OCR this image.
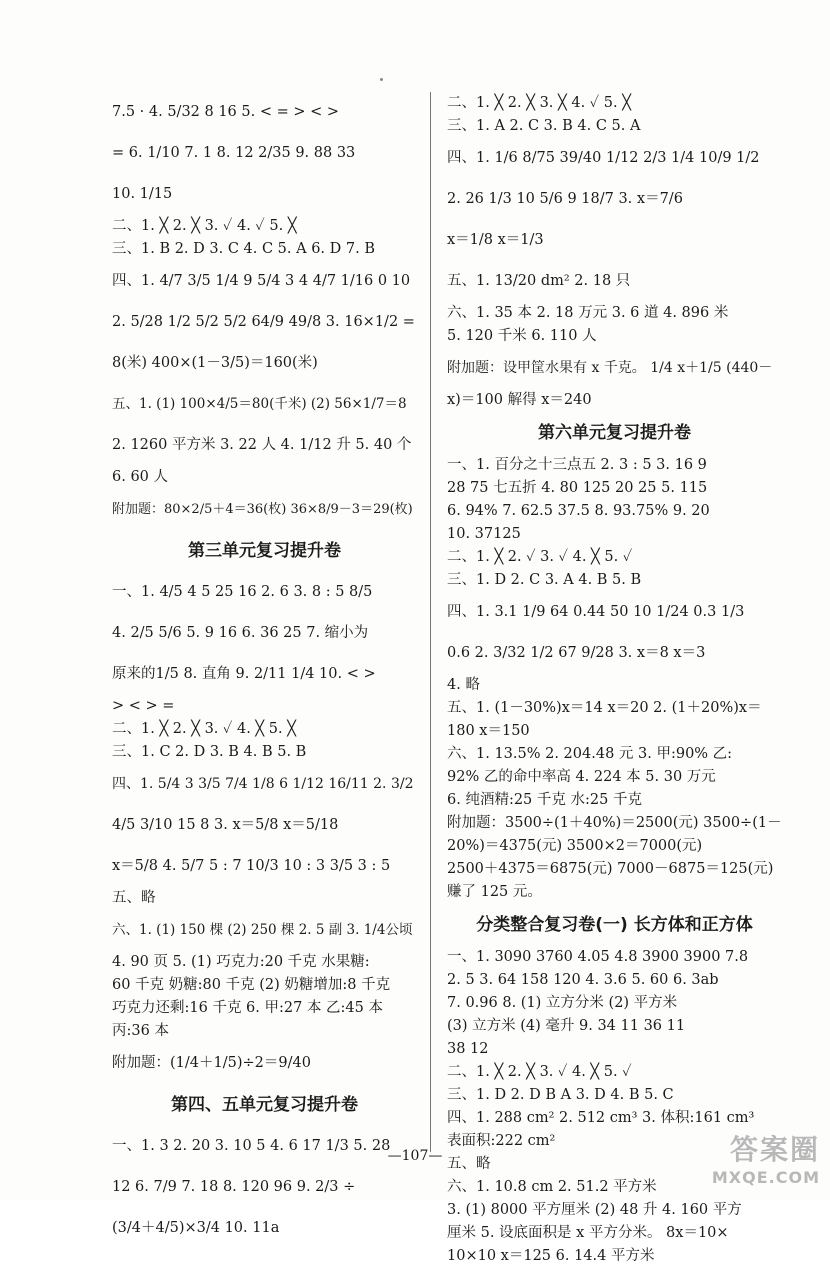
7.5 · 4. 5/32 8 16 5. < = > < >
= 6. 1/10 7. 1 8. 12 2/35 9. 88 33
10. 1/15
二、1. ╳ 2. ╳ 3. ✓ 4. ✓ 5. ╳
三、1. B 2. D 3. C 4. C 5. A 6. D 7. B
四、1. 4/7 3/5 1/4 9 5/4 3 4 4/7 1/16 0 10
2. 5/28 1/2 5/2 5/2 64/9 49/8 3. 16×1/2 =
8(米) 400×(1－3/5)＝160(米)
五、1. (1) 100×4/5＝80(千米) (2) 56×1/7＝8
2. 1260 平方米 3. 22 人 4. 1/12 升 5. 40 个
6. 60 人
附加题：80×2/5＋4＝36(枚) 36×8/9－3＝29(枚)
第三单元复习提升卷
一、1. 4/5 4 5 25 16 2. 6 3. 8 : 5 8/5
4. 2/5 5/6 5. 9 16 6. 36 25 7. 缩小为
原来的1/5 8. 直角 9. 2/11 1/4 10. < >
> < > =
二、1. ╳ 2. ╳ 3. ✓ 4. ╳ 5. ╳
三、1. C 2. D 3. B 4. B 5. B
四、1. 5/4 3 3/5 7/4 1/8 6 1/12 16/11 2. 3/2
4/5 3/10 15 8 3. x＝5/8 x＝5/18
x＝5/8 4. 5/7 5 : 7 10/3 10 : 3 3/5 3 : 5
五、略
六、1. (1) 150 棵 (2) 250 棵 2. 5 副 3. 1/4公顷
4. 90 页 5. (1) 巧克力:20 千克 水果糖:
60 千克 奶糖:80 千克 (2) 奶糖增加:8 千克
巧克力还剩:16 千克 6. 甲:27 本 乙:45 本
丙:36 本
附加题：(1/4＋1/5)÷2＝9/40
第四、五单元复习提升卷
一、1. 3 2. 20 3. 10 5 4. 6 17 1/3 5. 28
12 6. 7/9 7. 18 8. 120 96 9. 2/3 ÷
(3/4＋4/5)×3/4 10. 11a
二、1. ╳ 2. ╳ 3. ╳ 4. ✓ 5. ╳
三、1. A 2. C 3. B 4. C 5. A
四、1. 1/6 8/75 39/40 1/12 2/3 1/4 10/9 1/2
2. 26 1/3 10 5/6 9 18/7 3. x＝7/6
x＝1/8 x＝1/3
五、1. 13/20 dm² 2. 18 只
六、1. 35 本 2. 18 万元 3. 6 道 4. 896 米
5. 120 千米 6. 110 人
附加题：设甲筐水果有 x 千克。 1/4 x＋1/5 (440－
x)＝100 解得 x＝240
第六单元复习提升卷
一、1. 百分之十三点五 2. 3 : 5 3. 16 9
28 75 七五折 4. 80 125 20 25 5. 115
6. 94% 7. 62.5 37.5 8. 93.75% 9. 20
10. 37125
二、1. ╳ 2. ✓ 3. ✓ 4. ╳ 5. ✓
三、1. D 2. C 3. A 4. B 5. B
四、1. 3.1 1/9 64 0.44 50 10 1/24 0.3 1/3
0.6 2. 3/32 1/2 67 9/28 3. x＝8 x＝3
4. 略
五、1. (1－30%)x＝14 x＝20 2. (1＋20%)x＝
180 x＝150
六、1. 13.5% 2. 204.48 元 3. 甲:90% 乙:
92% 乙的命中率高 4. 224 本 5. 30 万元
6. 纯酒精:25 千克 水:25 千克
附加题：3500÷(1＋40%)＝2500(元) 3500÷(1－
20%)＝4375(元) 3500×2＝7000(元)
2500＋4375＝6875(元) 7000－6875＝125(元)
赚了 125 元。
分类整合复习卷(一) 长方体和正方体
一、1. 3090 3760 4.05 4.8 3900 3900 7.8
2. 5 3. 64 158 120 4. 3.6 5. 60 6. 3ab
7. 0.96 8. (1) 立方分米 (2) 平方米
(3) 立方米 (4) 毫升 9. 34 11 36 11
38 12
二、1. ╳ 2. ╳ 3. ✓ 4. ╳ 5. ✓
三、1. D 2. D B A 3. D 4. B 5. C
四、1. 288 cm² 2. 512 cm³ 3. 体积:161 cm³
表面积:222 cm²
五、略
六、1. 10.8 cm 2. 51.2 平方米
3. (1) 8000 平方厘米 (2) 48 升 4. 160 平方
厘米 5. 设底面积是 x 平方分米。 8x＝10×
10×10 x＝125 6. 14.4 平方米
—107—	答案圈
MXQE.COM
